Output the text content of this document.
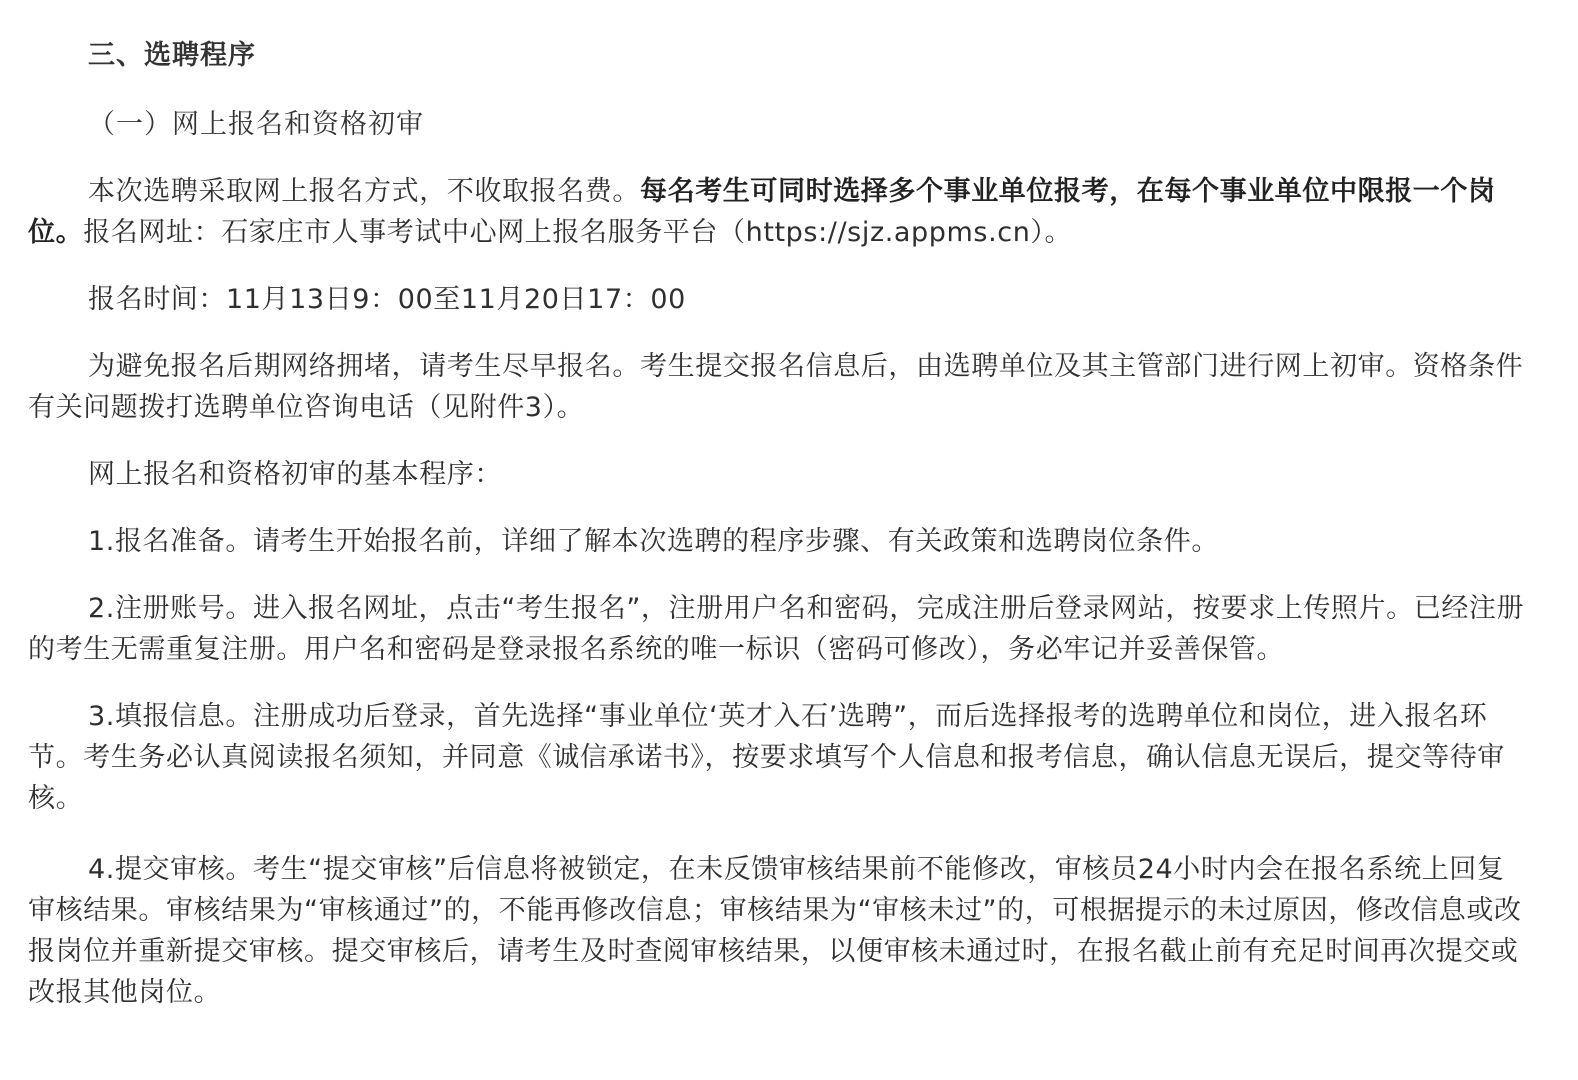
三、选聘程序
（一）网上报名和资格初审

本次选聘采取网上报名方式，不收取报名费。每名考生可同时选择多个事业单位报考，在每个事业单位中限报一个岗位。报名网址：石家庄市人事考试中心网上报名服务平台（https://sjz.appms.cn）。

报名时间：11月13日9：00至11月20日17：00

为避免报名后期网络拥堵，请考生尽早报名。考生提交报名信息后，由选聘单位及其主管部门进行网上初审。资格条件有关问题拨打选聘单位咨询电话（见附件3）。

网上报名和资格初审的基本程序：

1.报名准备。请考生开始报名前，详细了解本次选聘的程序步骤、有关政策和选聘岗位条件。

2.注册账号。进入报名网址，点击“考生报名”，注册用户名和密码，完成注册后登录网站，按要求上传照片。已经注册的考生无需重复注册。用户名和密码是登录报名系统的唯一标识（密码可修改），务必牢记并妥善保管。

3.填报信息。注册成功后登录，首先选择“事业单位‘英才入石’选聘”，而后选择报考的选聘单位和岗位，进入报名环节。考生务必认真阅读报名须知，并同意《诚信承诺书》，按要求填写个人信息和报考信息，确认信息无误后，提交等待审核。

4.提交审核。考生“提交审核”后信息将被锁定，在未反馈审核结果前不能修改，审核员24小时内会在报名系统上回复审核结果。审核结果为“审核通过”的，不能再修改信息；审核结果为“审核未过”的，可根据提示的未过原因，修改信息或改报岗位并重新提交审核。提交审核后，请考生及时查阅审核结果，以便审核未通过时，在报名截止前有充足时间再次提交或改报其他岗位。
